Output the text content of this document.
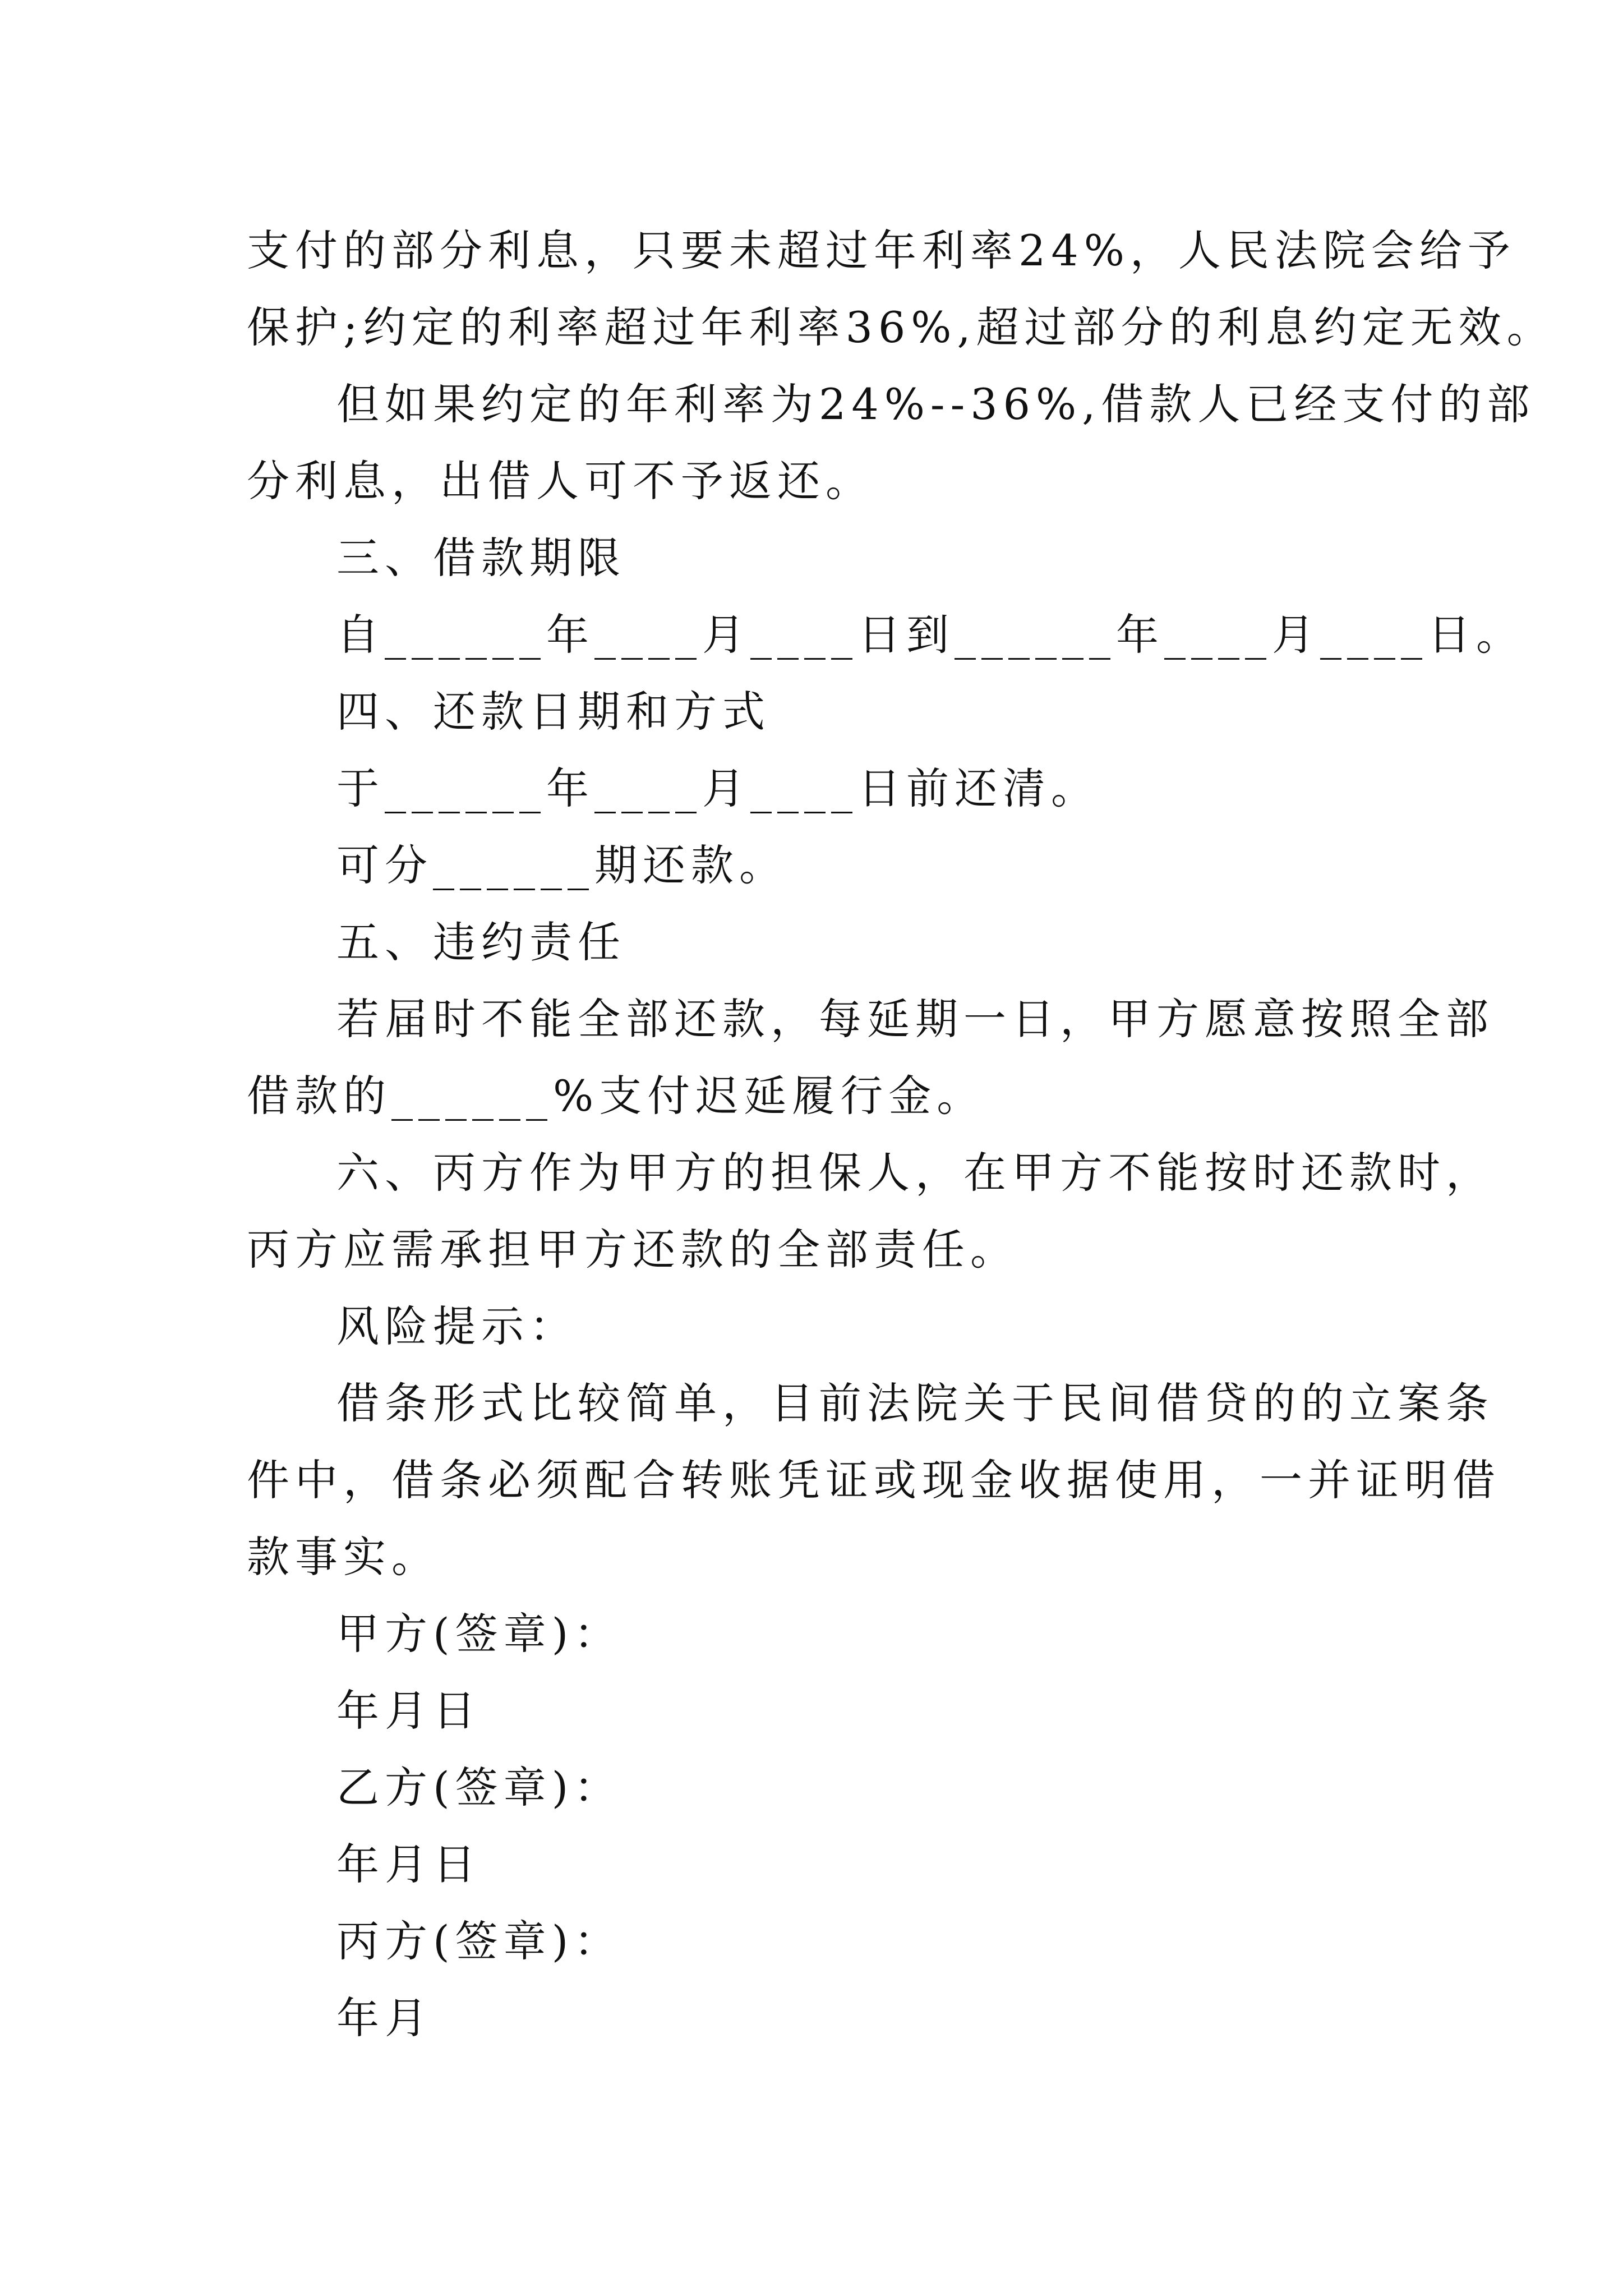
支付的部分利息，只要未超过年利率24%，人民法院会给予
保护;约定的利率超过年利率36%,超过部分的利息约定无效。
但如果约定的年利率为24%--36%,借款人已经支付的部
分利息，出借人可不予返还。
三、借款期限
自______年____月____日到______年____月____日。
四、还款日期和方式
于______年____月____日前还清。
可分______期还款。
五、违约责任
若届时不能全部还款，每延期一日，甲方愿意按照全部
借款的______%支付迟延履行金。
六、丙方作为甲方的担保人，在甲方不能按时还款时，
丙方应需承担甲方还款的全部责任。
风险提示：
借条形式比较简单，目前法院关于民间借贷的的立案条
件中，借条必须配合转账凭证或现金收据使用，一并证明借
款事实。
甲方(签章)：
年月日
乙方(签章)：
年月日
丙方(签章)：
年月
